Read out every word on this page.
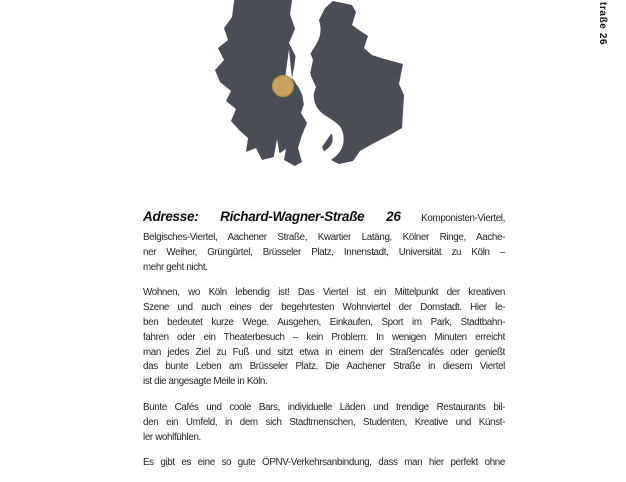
traße 26
Adresse: Richard-Wagner-Straße 26 Komponisten-Viertel,
Belgisches-Viertel, Aachener Straße, Kwartier Latäng, Kölner Ringe, Aache-
ner Weiher, Grüngürtel, Brüsseler Platz, Innenstadt, Universität zu Köln –
mehr geht nicht.
Wohnen, wo Köln lebendig ist! Das Viertel ist ein Mittelpunkt der kreativen
Szene und auch eines der begehrtesten Wohnviertel der Domstadt. Hier le-
ben bedeutet kurze Wege. Ausgehen, Einkaufen, Sport im Park, Stadtbahn-
fahren oder ein Theaterbesuch – kein Problem. In wenigen Minuten erreicht
man jedes Ziel zu Fuß und sitzt etwa in einem der Straßencafés oder genießt
das bunte Leben am Brüsseler Platz. Die Aachener Straße in diesem Viertel
ist die angesagte Meile in Köln.
Bunte Cafés und coole Bars, individuelle Läden und trendige Restaurants bil-
den ein Umfeld, in dem sich Stadtmenschen, Studenten, Kreative und Künst-
ler wohlfühlen.
Es gibt es eine so gute ÖPNV-Verkehrsanbindung, dass man hier perfekt ohne
